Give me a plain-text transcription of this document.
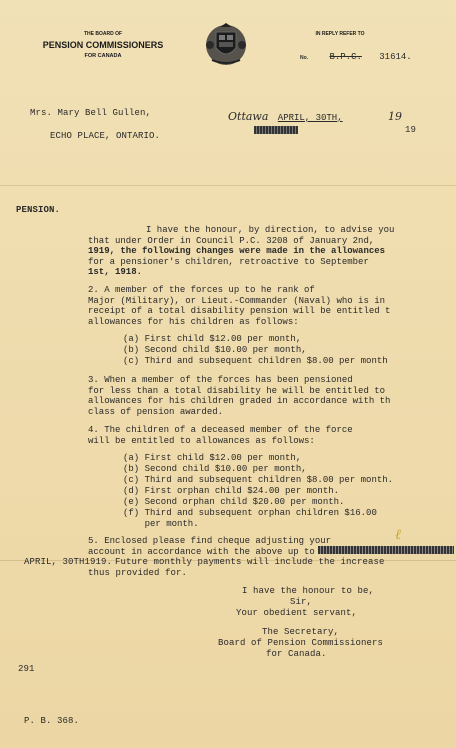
THE BOARD OF
PENSION COMMISSIONERS
FOR CANADA
IN REPLY REFER TO
No. B.P.C. 31614.
Mrs. Mary Bell Gullen,
ECHO PLACE, ONTARIO.
Ottawa APRIL, 30TH,	19
19
PENSION.
I have the honour, by direction, to advise you
that under Order in Council P.C. 3208 of January 2nd,
1919, the following changes were made in the allowances
for a pensioner's children, retroactive to September
1st, 1918.
2. A member of the forces up to he rank of
Major (Military), or Lieut.-Commander (Naval) who is in
receipt of a total disability pension will be entitled t
allowances for his children as follows:
(a) First child $12.00 per month,
(b) Second child $10.00 per month,
(c) Third and subsequent children $8.00 per month
3. When a member of the forces has been pensioned
for less than a total disability he will be entitled to
allowances for his children graded in accordance with th
class of pension awarded.
4. The children of a deceased member of the force
will be entitled to allowances as follows:
(a) First child $12.00 per month,
(b) Second child $10.00 per month,
(c) Third and subsequent children $8.00 per month.
(d) First orphan child $24.00 per month.
(e) Second orphan child $20.00 per month.
(f) Third and subsequent orphan children $16.00
per month.
5. Enclosed please find cheque adjusting your
account in accordance with the above up to
ℓ
APRIL, 30TH1919. Future monthly payments will include the increase
thus provided for.
I have the honour to be,
Sir,
Your obedient servant,
The Secretary,
Board of Pension Commissioners
for Canada.
291
P. B. 368.
